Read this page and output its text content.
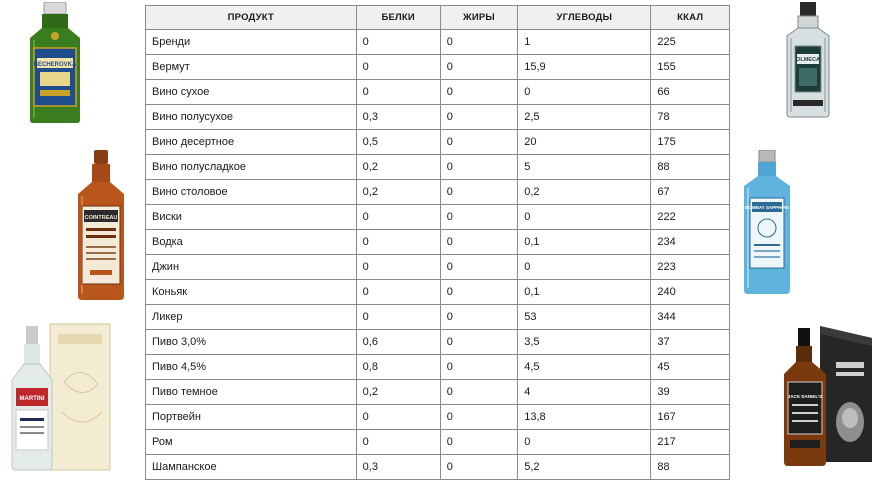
ПРОДУКТ	БЕЛКИ	ЖИРЫ	УГЛЕВОДЫ	ККАЛ
Бренди	0	0	1	225
Вермут	0	0	15,9	155
Вино сухое	0	0	0	66
Вино полусухое	0,3	0	2,5	78
Вино десертное	0,5	0	20	175
Вино полусладкое	0,2	0	5	88
Вино столовое	0,2	0	0,2	67
Виски	0	0	0	222
Водка	0	0	0,1	234
Джин	0	0	0	223
Коньяк	0	0	0,1	240
Ликер	0	0	53	344
Пиво 3,0%	0,6	0	3,5	37
Пиво 4,5%	0,8	0	4,5	45
Пиво темное	0,2	0	4	39
Портвейн	0	0	13,8	167
Ром	0	0	0	217
Шампанское	0,3	0	5,2	88
BECHEROVKA
COINTREAU
MARTINI
OLMECA
BOMBAY SAPPHIRE
JACK DANIEL'S
